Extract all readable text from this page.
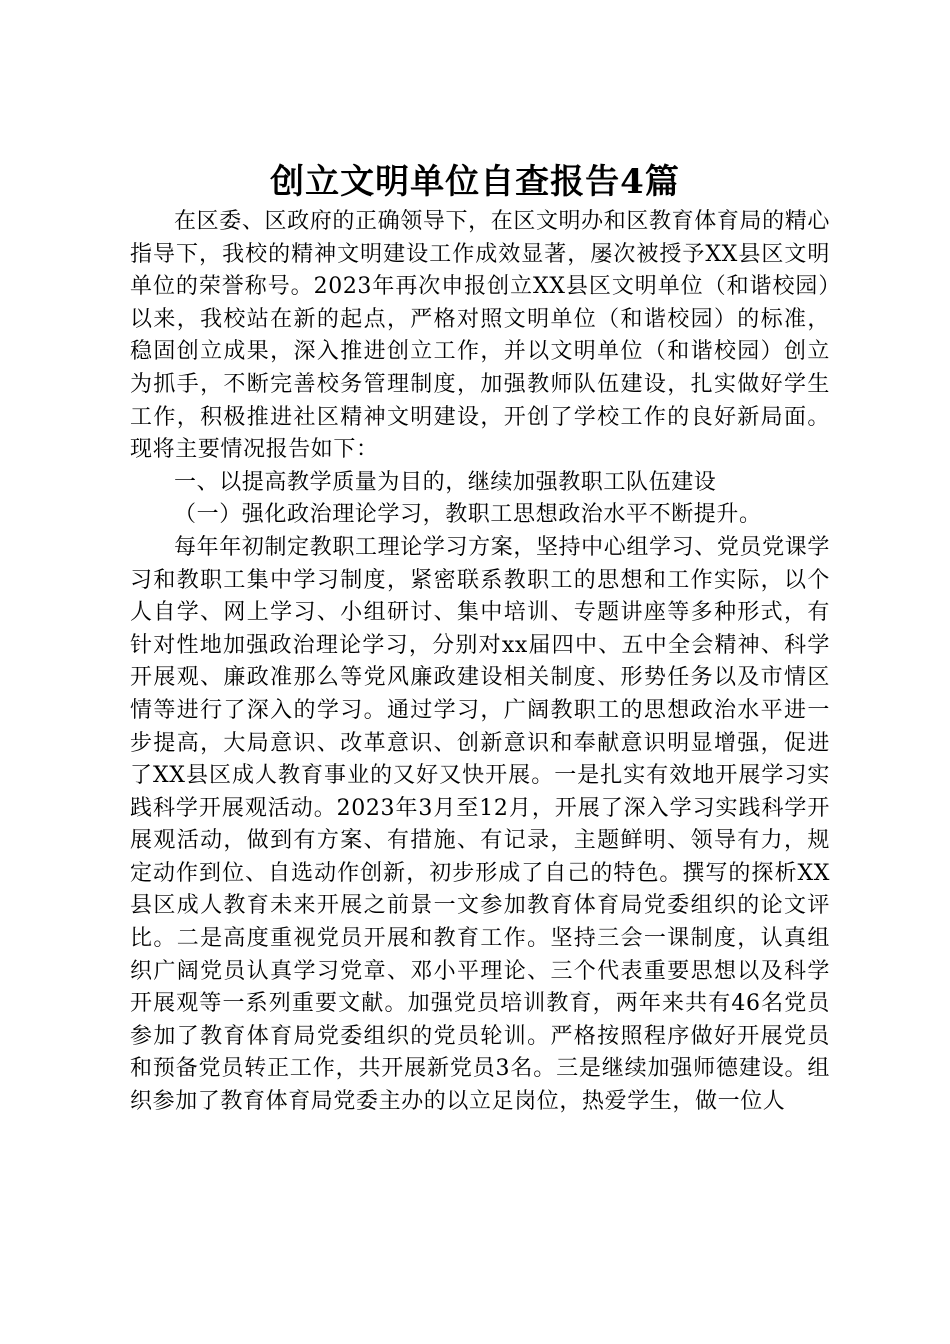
创立文明单位自查报告4篇

在区委、区政府的正确领导下，在区文明办和区教育体育局的精心指导下，我校的精神文明建设工作成效显著，屡次被授予XX县区文明单位的荣誉称号。2023年再次申报创立XX县区文明单位（和谐校园）以来，我校站在新的起点，严格对照文明单位（和谐校园）的标准，稳固创立成果，深入推进创立工作，并以文明单位（和谐校园）创立为抓手，不断完善校务管理制度，加强教师队伍建设，扎实做好学生工作，积极推进社区精神文明建设，开创了学校工作的良好新局面。现将主要情况报告如下：

一、以提高教学质量为目的，继续加强教职工队伍建设

（一）强化政治理论学习，教职工思想政治水平不断提升。

每年年初制定教职工理论学习方案，坚持中心组学习、党员党课学习和教职工集中学习制度，紧密联系教职工的思想和工作实际，以个人自学、网上学习、小组研讨、集中培训、专题讲座等多种形式，有针对性地加强政治理论学习，分别对xx届四中、五中全会精神、科学开展观、廉政准那么等党风廉政建设相关制度、形势任务以及市情区情等进行了深入的学习。通过学习，广阔教职工的思想政治水平进一步提高，大局意识、改革意识、创新意识和奉献意识明显增强，促进了XX县区成人教育事业的又好又快开展。一是扎实有效地开展学习实践科学开展观活动。2023年3月至12月，开展了深入学习实践科学开展观活动，做到有方案、有措施、有记录，主题鲜明、领导有力，规定动作到位、自选动作创新，初步形成了自己的特色。撰写的探析XX县区成人教育未来开展之前景一文参加教育体育局党委组织的论文评比。二是高度重视党员开展和教育工作。坚持三会一课制度，认真组织广阔党员认真学习党章、邓小平理论、三个代表重要思想以及科学开展观等一系列重要文献。加强党员培训教育，两年来共有46名党员参加了教育体育局党委组织的党员轮训。严格按照程序做好开展党员和预备党员转正工作，共开展新党员3名。三是继续加强师德建设。组织参加了教育体育局党委主办的以立足岗位，热爱学生，做一位人
